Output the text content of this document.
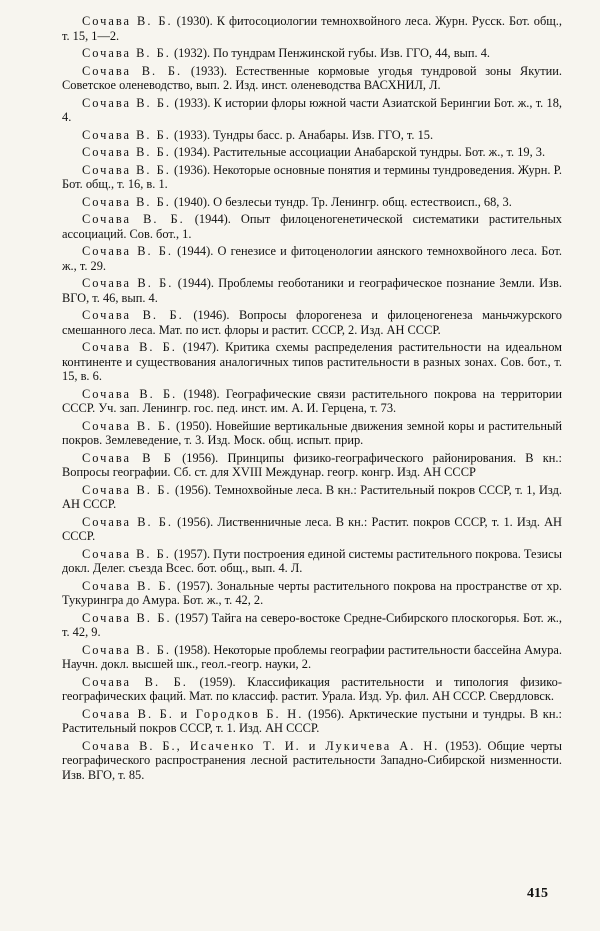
Сочава В. Б. (1930). К фитосоциологии темнохвойного леса. Журн. Русск. Бот. общ., т. 15, 1—2.

Сочава В. Б. (1932). По тундрам Пенжинской губы. Изв. ГГО, 44, вып. 4.

Сочава В. Б. (1933). Естественные кормовые угодья тундровой зоны Якутии. Советское оленеводство, вып. 2. Изд. инст. оленеводства ВАСХНИЛ, Л.

Сочава В. Б. (1933). К истории флоры южной части Азиатской Берингии Бот. ж., т. 18, 4.

Сочава В. Б. (1933). Тундры басс. р. Анабары. Изв. ГГО, т. 15.

Сочава В. Б. (1934). Растительные ассоциации Анабарской тундры. Бот. ж., т. 19, 3.

Сочава В. Б. (1936). Некоторые основные понятия и термины тундроведения. Журн. Р. Бот. общ., т. 16, в. 1.

Сочава В. Б. (1940). О безлесьи тундр. Тр. Ленингр. общ. естествоисп., 68, 3.

Сочава В. Б. (1944). Опыт филоценогенетической систематики растительных ассоциаций. Сов. бот., 1.

Сочава В. Б. (1944). О генезисе и фитоценологии аянского темнохвойного леса. Бот. ж., т. 29.

Сочава В. Б. (1944). Проблемы геоботаники и географическое познание Земли. Изв. ВГО, т. 46, вып. 4.

Сочава В. Б. (1946). Вопросы флорогенеза и филоценогенеза маньчжурского смешанного леса. Мат. по ист. флоры и растит. СССР, 2. Изд. АН СССР.

Сочава В. Б. (1947). Критика схемы распределения растительности на идеальном континенте и существования аналогичных типов растительности в разных зонах. Сов. бот., т. 15, в. 6.

Сочава В. Б. (1948). Географические связи растительного покрова на территории СССР. Уч. зап. Ленингр. гос. пед. инст. им. А. И. Герцена, т. 73.

Сочава В. Б. (1950). Новейшие вертикальные движения земной коры и растительный покров. Землеведение, т. 3. Изд. Моск. общ. испыт. прир.

Сочава В Б (1956). Принципы физико-географического районирования. В кн.: Вопросы географии. Сб. ст. для XVIII Междунар. геогр. конгр. Изд. АН СССР

Сочава В. Б. (1956). Темнохвойные леса. В кн.: Растительный покров СССР, т. 1, Изд. АН СССР.

Сочава В. Б. (1956). Лиственничные леса. В кн.: Растит. покров СССР, т. 1. Изд. АН СССР.

Сочава В. Б. (1957). Пути построения единой системы растительного покрова. Тезисы докл. Делег. съезда Всес. бот. общ., вып. 4. Л.

Сочава В. Б. (1957). Зональные черты растительного покрова на пространстве от хр. Тукурингра до Амура. Бот. ж., т. 42, 2.

Сочава В. Б. (1957) Тайга на северо-востоке Средне-Сибирского плоскогорья. Бот. ж., т. 42, 9.

Сочава В. Б. (1958). Некоторые проблемы географии растительности бассейна Амура. Научн. докл. высшей шк., геол.-геогр. науки, 2.

Сочава В. Б. (1959). Классификация растительности и типология физико-географических фаций. Мат. по классиф. растит. Урала. Изд. Ур. фил. АН СССР. Свердловск.

Сочава В. Б. и Городков Б. Н. (1956). Арктические пустыни и тундры. В кн.: Растительный покров СССР, т. 1. Изд. АН СССР.

Сочава В. Б., Исаченко Т. И. и Лукичева А. Н. (1953). Общие черты географического распространения лесной растительности Западно-Сибирской низменности. Изв. ВГО, т. 85.

415
